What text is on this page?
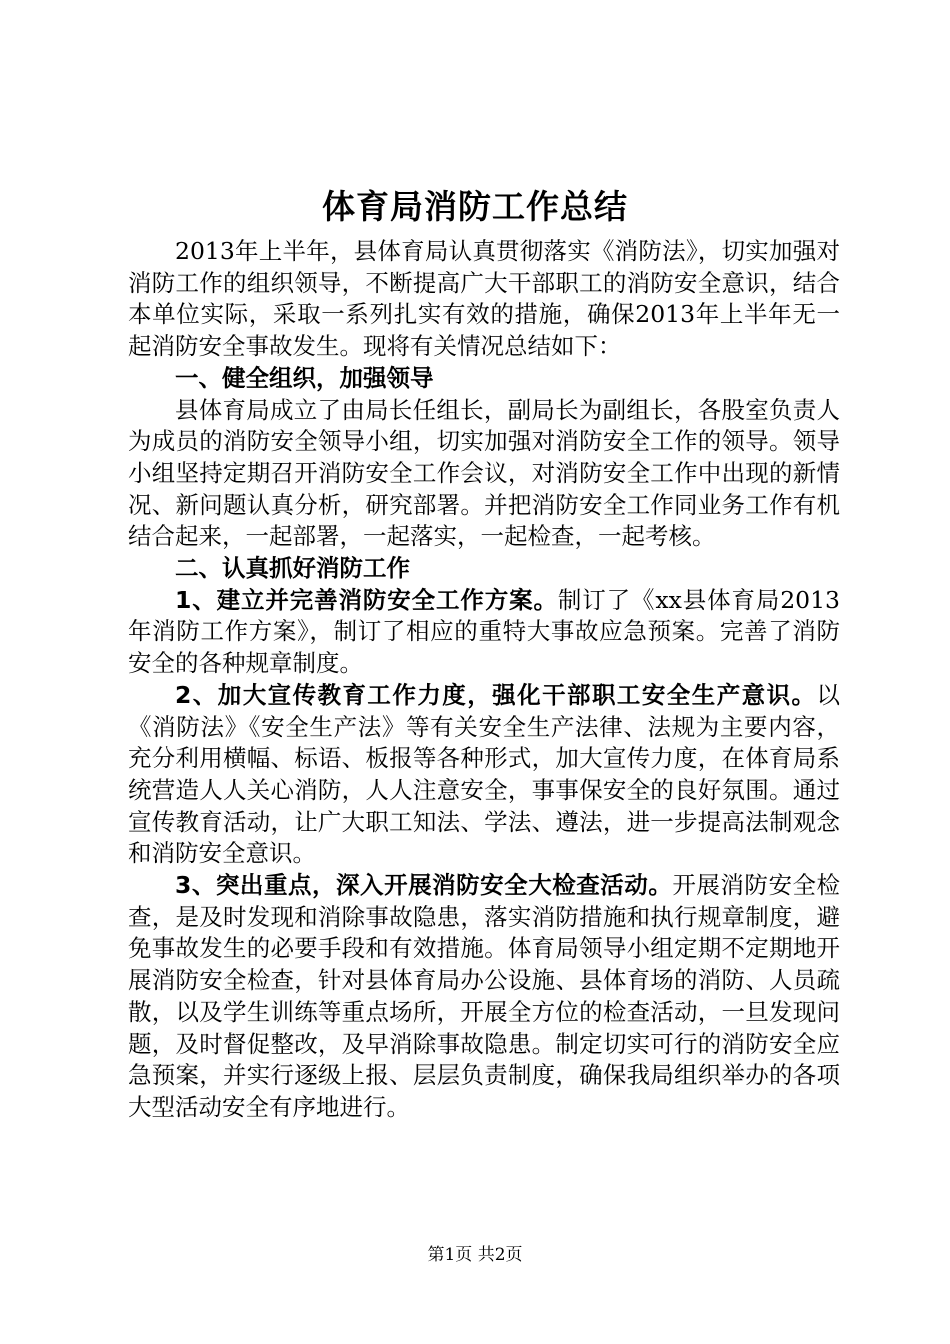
体育局消防工作总结

2013年上半年，县体育局认真贯彻落实《消防法》，切实加强对消防工作的组织领导，不断提高广大干部职工的消防安全意识，结合本单位实际，采取一系列扎实有效的措施，确保2013年上半年无一起消防安全事故发生。现将有关情况总结如下：

一、健全组织，加强领导

县体育局成立了由局长任组长，副局长为副组长，各股室负责人为成员的消防安全领导小组，切实加强对消防安全工作的领导。领导小组坚持定期召开消防安全工作会议，对消防安全工作中出现的新情况、新问题认真分析，研究部署。并把消防安全工作同业务工作有机结合起来，一起部署，一起落实，一起检查，一起考核。

二、认真抓好消防工作

1、建立并完善消防安全工作方案。制订了《xx县体育局2013年消防工作方案》，制订了相应的重特大事故应急预案。完善了消防安全的各种规章制度。

2、加大宣传教育工作力度，强化干部职工安全生产意识。以《消防法》《安全生产法》等有关安全生产法律、法规为主要内容，充分利用横幅、标语、板报等各种形式，加大宣传力度，在体育局系统营造人人关心消防，人人注意安全，事事保安全的良好氛围。通过宣传教育活动，让广大职工知法、学法、遵法，进一步提高法制观念和消防安全意识。

3、突出重点，深入开展消防安全大检查活动。开展消防安全检查，是及时发现和消除事故隐患，落实消防措施和执行规章制度，避免事故发生的必要手段和有效措施。体育局领导小组定期不定期地开展消防安全检查，针对县体育局办公设施、县体育场的消防、人员疏散，以及学生训练等重点场所，开展全方位的检查活动，一旦发现问题，及时督促整改，及早消除事故隐患。制定切实可行的消防安全应急预案，并实行逐级上报、层层负责制度，确保我局组织举办的各项大型活动安全有序地进行。

第1页 共2页
